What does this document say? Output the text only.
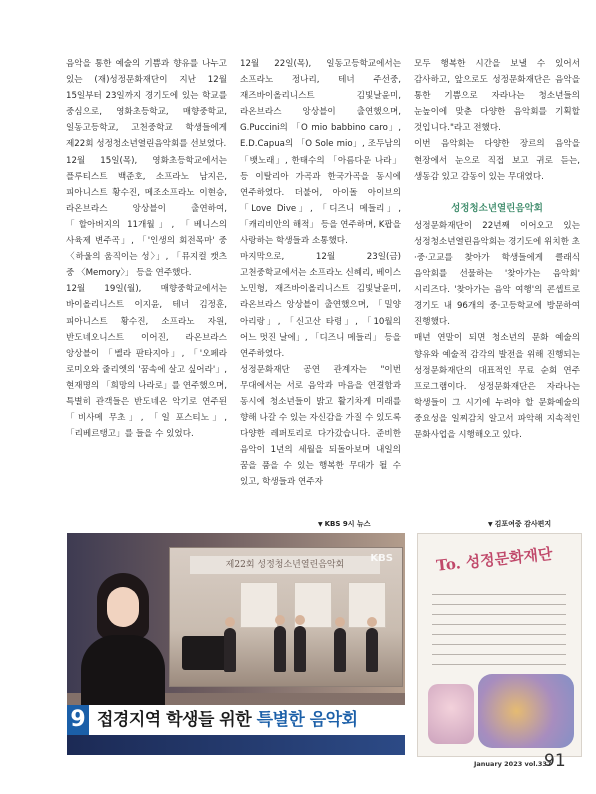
음악을 통한 예술의 기쁨과 향유를 나누고 있는 (재)성정문화재단이 지난 12월 15일부터 23일까지 경기도에 있는 학교를 중심으로, 영화초등학교, 매향중학교, 일동고등학교, 고천중학교 학생들에게 제22회 성정청소년열린음악회를 선보였다.

12월 15일(목), 영화초등학교에서는 플루티스트 백준호, 소프라노 남지은, 피아니스트 황수진, 메조소프라노 이현승, 라온브라스 앙상블이 출연하여, 「할아버지의 11개월」, 「베니스의 사육제 변주곡」, 「'인생의 회전목마' 중 〈하울의 움직이는 성〉」, 「뮤지컬 캣츠 중 〈Memory〉」 등을 연주했다.

12월 19일(월), 매향중학교에서는 바이올리니스트 이지윤, 테너 김정훈, 피아니스트 황수진, 소프라노 자원, 반도네오니스트 이어진, 라온브라스 앙상블이 「벨라 판타지아」, 「'오페라 로미오와 줄리엣의 '꿈속에 살고 싶어라'」, 현재명의 「희망의 나라로」를 연주했으며, 특별히 관객들은 반도네온 악기로 연주된 「비사메 무초」, 「일 포스티노」, 「리베르탱고」를 들을 수 있었다.

12월 22일(목), 일동고등학교에서는 소프라노 정나리, 테너 주선중, 재즈바이올리니스트 김빛날윤미, 라온브라스 앙상블이 출연했으며, G.Puccini의 「O mio babbino caro」, E.D.Capua의 「O Sole mio」, 조두남의 「뱃노래」, 한태수의 「아름다운 나라」 등 이탈리아 가곡과 한국가곡을 동시에 연주하였다. 더불어, 아이돌 아이브의 「Love Dive」, 「디즈니 메들리」, 「캐리비안의 해적」 등을 연주하며, K팝을 사랑하는 학생들과 소통했다.

마지막으로, 12월 23일(금) 고천중학교에서는 소프라노 신혜리, 베이스 노민형, 재즈바이올리니스트 김빛날윤미, 라온브라스 앙상블이 출연했으며, 「밀양 아리랑」, 「신고산 타령」, 「10월의 어느 멋진 날에」, 「디즈니 메들리」 등을 연주하였다.

성정문화재단 공연 관계자는 "이번 무대에서는 서로 음악과 마음을 연결함과 동시에 청소년들이 밝고 활기차게 미래를 향해 나갈 수 있는 자신감을 가질 수 있도록 다양한 레퍼토리로 다가갔습니다. 준비한 음악이 1년의 세월을 되돌아보며 내일의 꿈을 품을 수 있는 행복한 무대가 될 수 있고, 학생들과 연주자

모두 행복한 시간을 보낼 수 있어서 감사하고, 앞으로도 성정문화재단은 음악을 통한 기쁨으로 자라나는 청소년들의 눈높이에 맞춘 다양한 음악회를 기획할 것입니다."라고 전했다.

이번 음악회는 다양한 장르의 음악을 현장에서 눈으로 직접 보고 귀로 듣는, 생동감 있고 감동이 있는 무대였다.

성정청소년열린음악회

성정문화재단이 22년째 이어오고 있는 성정청소년열린음악회는 경기도에 위치한 초·중·고교를 찾아가 학생들에게 클래식 음악회를 선물하는 '찾아가는 음악회' 시리즈다. '찾아가는 음악 여행'의 콘셉트로 경기도 내 96개의 중·고등학교에 방문하여 진행했다.

매년 연말이 되면 청소년의 문화 예술의 향유와 예술적 감각의 발전을 위해 진행되는 성정문화재단의 대표적인 무료 순회 연주 프로그램이다. 성정문화재단은 자라나는 학생들이 그 시기에 누려야 할 문화예술의 중요성을 일찌감치 알고서 파악해 지속적인 문화사업을 시행해오고 있다.

▼ KBS 9시 뉴스	▼ 김포여중 감사편지
제22회 성정청소년열린음악회
KBS
9 접경지역 학생들 위한 특별한 음악회
To. 성정문화재단
January 2023 vol.337
91
